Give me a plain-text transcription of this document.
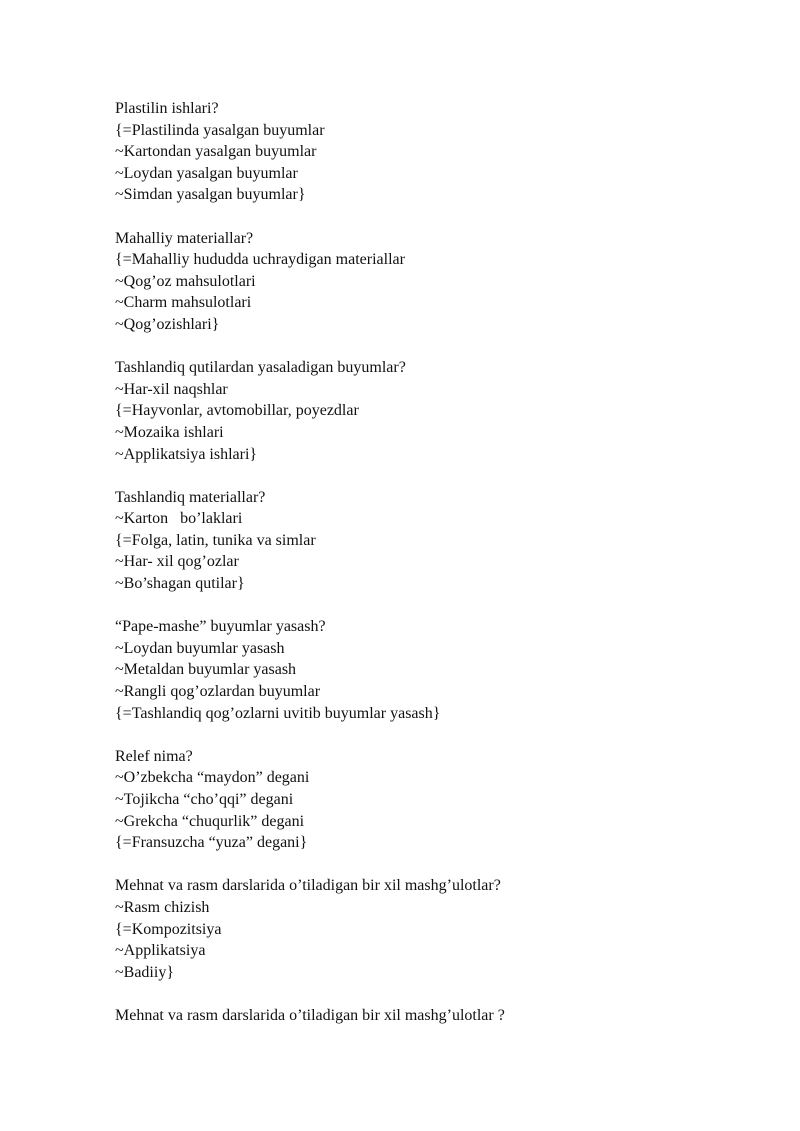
Plastilin ishlari?
{=Plastilinda yasalgan buyumlar
~Kartondan yasalgan buyumlar
~Loydan yasalgan buyumlar
~Simdan yasalgan buyumlar}
Mahalliy materiallar?
{=Mahalliy hududda uchraydigan materiallar
~Qog’oz mahsulotlari
~Charm mahsulotlari
~Qog’ozishlari}
Tashlandiq qutilardan yasaladigan buyumlar?
~Har-xil naqshlar
{=Hayvonlar, avtomobillar, poyezdlar
~Mozaika ishlari
~Applikatsiya ishlari}
Tashlandiq materiallar?
~Karton   bo’laklari
{=Folga, latin, tunika va simlar
~Har- xil qog’ozlar
~Bo’shagan qutilar}
“Pape-mashe” buyumlar yasash?
~Loydan buyumlar yasash
~Metaldan buyumlar yasash
~Rangli qog’ozlardan buyumlar
{=Tashlandiq qog’ozlarni uvitib buyumlar yasash}
Relef nima?
~O’zbekcha “maydon” degani
~Tojikcha “cho’qqi” degani
~Grekcha “chuqurlik” degani
{=Fransuzcha “yuza” degani}
Mehnat va rasm darslarida o’tiladigan bir xil mashg’ulotlar?
~Rasm chizish
{=Kompozitsiya
~Applikatsiya
~Badiiy}
Mehnat va rasm darslarida o’tiladigan bir xil mashg’ulotlar ?
